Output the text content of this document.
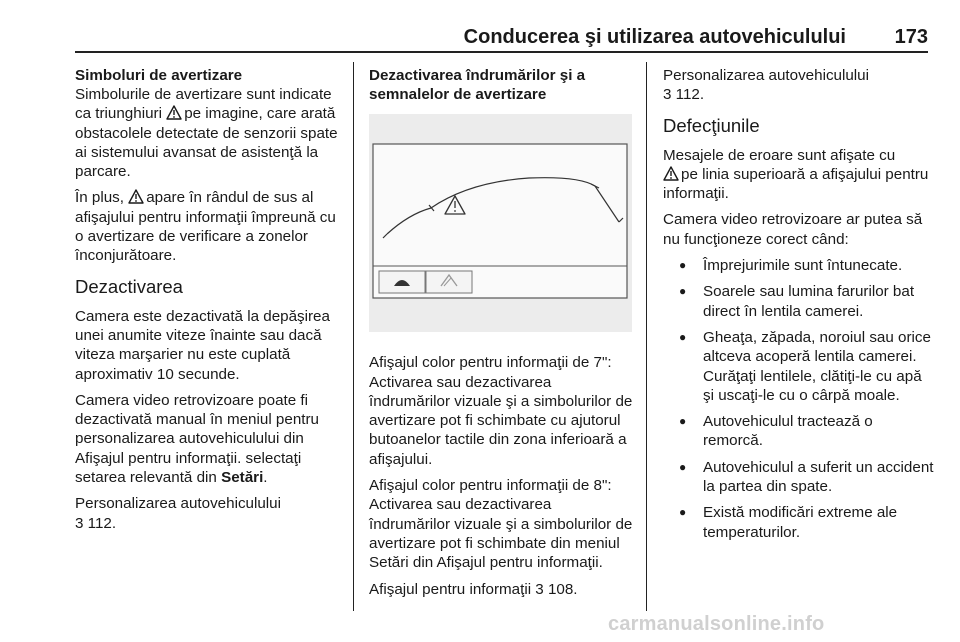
Conducerea şi utilizarea autovehiculului 173
Simboluri de avertizare

Simbolurile de avertizare sunt indicate ca triunghiuri pe imagine, care arată obstacolele detectate de senzorii spate ai sistemului avansat de asistenţă la parcare.

În plus, apare în rândul de sus al afişajului pentru informaţii împreună cu o avertizare de verificare a zonelor înconjurătoare.

Dezactivarea

Camera este dezactivată la depăşirea unei anumite viteze înainte sau dacă viteza marşarier nu este cuplată aproximativ 10 secunde.

Camera video retrovizoare poate fi dezactivată manual în meniul pentru personalizarea autovehiculului din Afişajul pentru informaţii. selectaţi setarea relevantă din Setări.

Personalizarea autovehiculului
3 112.

Dezactivarea îndrumărilor şi a semnalelor de avertizare

Afişajul color pentru informaţii de 7": Activarea sau dezactivarea îndrumărilor vizuale şi a simbolurilor de avertizare pot fi schimbate cu ajutorul butoanelor tactile din zona inferioară a afişajului.

Afişajul color pentru informaţii de 8": Activarea sau dezactivarea îndrumărilor vizuale şi a simbolurilor de avertizare pot fi schimbate din meniul Setări din Afişajul pentru informaţii.

Afişajul pentru informaţii 3 108.

Personalizarea autovehiculului
3 112.

Defecţiunile

Mesajele de eroare sunt afişate cu
pe linia superioară a afişajului pentru informaţii.

Camera video retrovizoare ar putea să nu funcţioneze corect când:

● Împrejurimile sunt întunecate.
● Soarele sau lumina farurilor bat direct în lentila camerei.
● Gheaţa, zăpada, noroiul sau orice altceva acoperă lentila camerei. Curăţaţi lentilele, clătiţi-le cu apă şi uscaţi-le cu o cârpă moale.
● Autovehiculul tractează o remorcă.
● Autovehiculul a suferit un accident la partea din spate.
● Există modificări extreme ale temperaturilor.
carmanualsonline.info
